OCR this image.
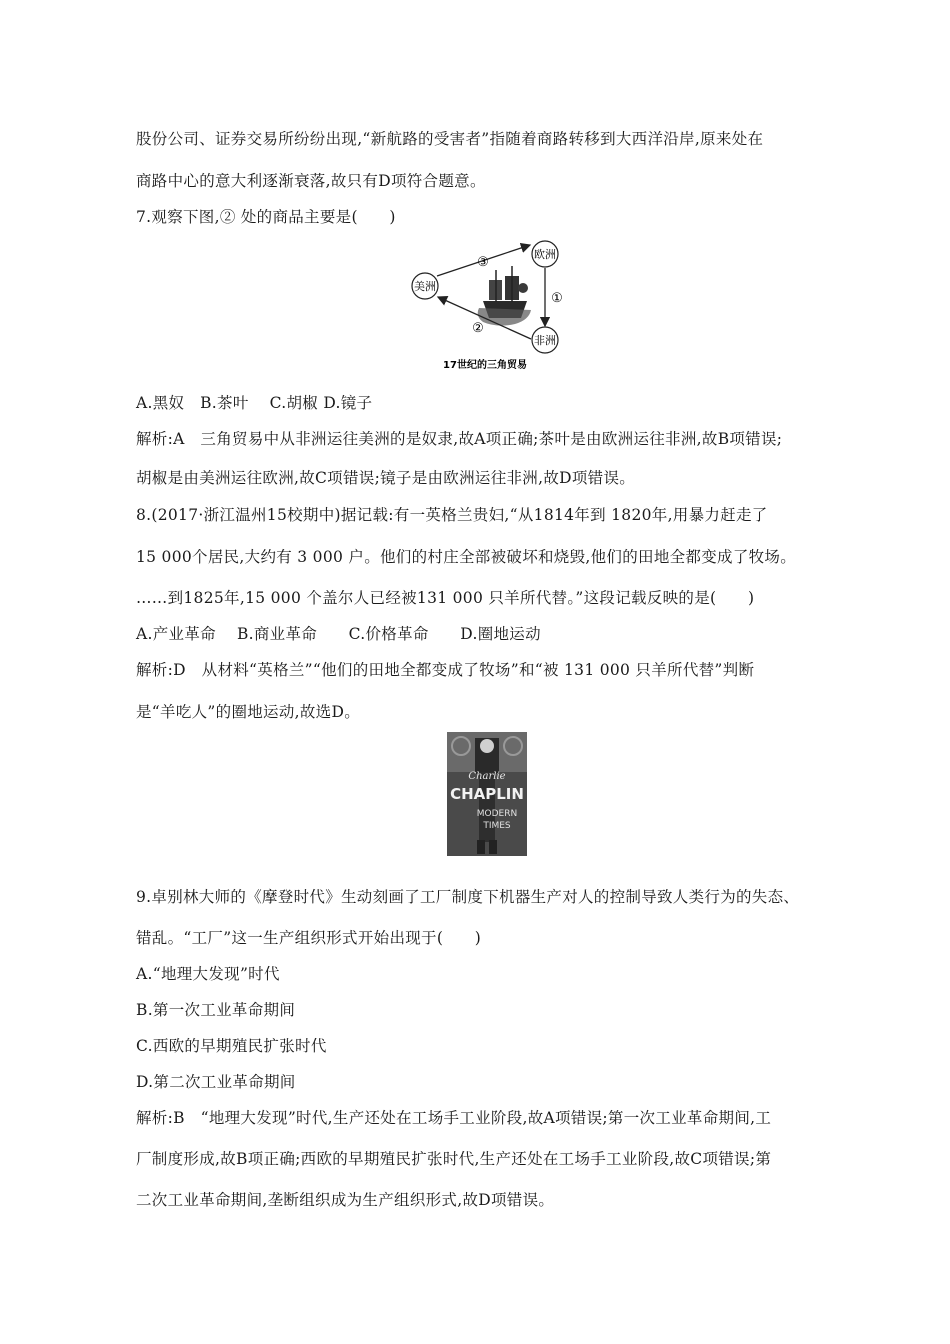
股份公司、证券交易所纷纷出现,“新航路的受害者”指随着商路转移到大西洋沿岸,原来处在
商路中心的意大利逐渐衰落,故只有D项符合题意。
7.观察下图,② 处的商品主要是(　　)
美洲
欧洲
非洲
③
①
②
17世纪的三角贸易
A.黑奴　B.茶叶　 C.胡椒 D.镜子
解析:A　三角贸易中从非洲运往美洲的是奴隶,故A项正确;茶叶是由欧洲运往非洲,故B项错误;
胡椒是由美洲运往欧洲,故C项错误;镜子是由欧洲运往非洲,故D项错误。
8.(2017·浙江温州15校期中)据记载:有一英格兰贵妇,“从1814年到 1820年,用暴力赶走了
15 000个居民,大约有 3 000 户。他们的村庄全部被破坏和烧毁,他们的田地全都变成了牧场。
……到1825年,15 000 个盖尔人已经被131 000 只羊所代替。”这段记载反映的是(　　)
A.产业革命　 B.商业革命　　C.价格革命　　D.圈地运动
解析:D　从材料“英格兰”“他们的田地全都变成了牧场”和“被 131 000 只羊所代替”判断
是“羊吃人”的圈地运动,故选D。
Charlie
CHAPLIN
MODERN
TIMES
9.卓别林大师的《摩登时代》生动刻画了工厂制度下机器生产对人的控制导致人类行为的失态、
错乱。“工厂”这一生产组织形式开始出现于(　　)
A.“地理大发现”时代
B.第一次工业革命期间
C.西欧的早期殖民扩张时代
D.第二次工业革命期间
解析:B　“地理大发现”时代,生产还处在工场手工业阶段,故A项错误;第一次工业革命期间,工
厂制度形成,故B项正确;西欧的早期殖民扩张时代,生产还处在工场手工业阶段,故C项错误;第
二次工业革命期间,垄断组织成为生产组织形式,故D项错误。
